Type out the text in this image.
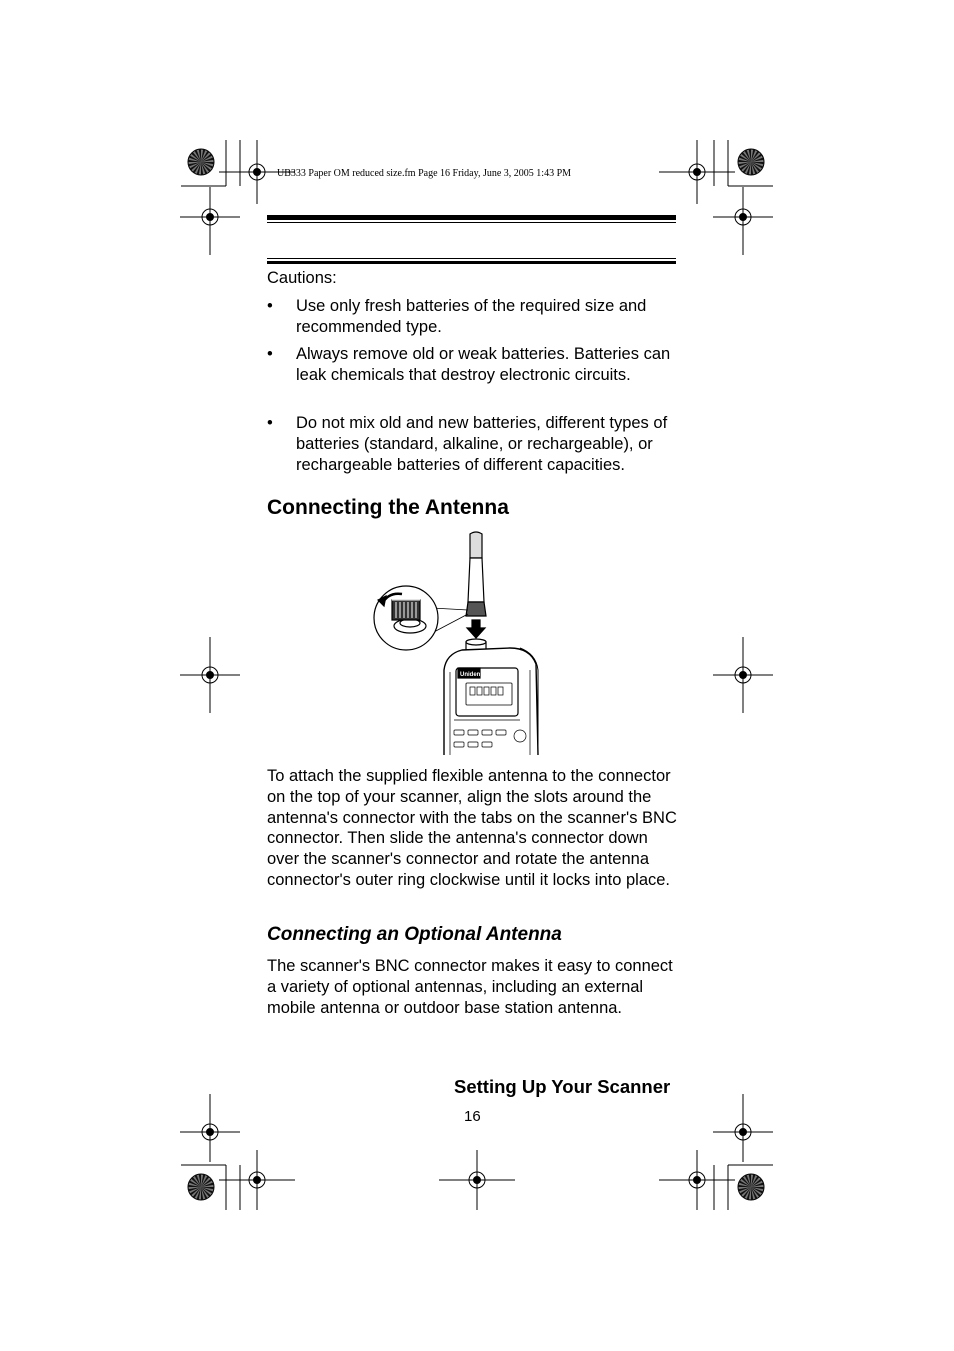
UB333 Paper OM reduced size.fm Page 16 Friday, June 3, 2005 1:43 PM
Cautions:
• Use only fresh batteries of the required size and recommended type.
• Always remove old or weak batteries. Batteries can leak chemicals that destroy electronic circuits.
• Do not mix old and new batteries, different types of batteries (standard, alkaline, or rechargeable), or rechargeable batteries of different capacities.
Connecting the Antenna
Uniden
To attach the supplied flexible antenna to the connector on the top of your scanner, align the slots around the antenna's connector with the tabs on the scanner's BNC connector. Then slide the antenna's connector down over the scanner's connector and rotate the antenna connector's outer ring clockwise until it locks into place.
Connecting an Optional Antenna
The scanner's BNC connector makes it easy to connect a variety of optional antennas, including an external mobile antenna or outdoor base station antenna.
Setting Up Your Scanner
16
